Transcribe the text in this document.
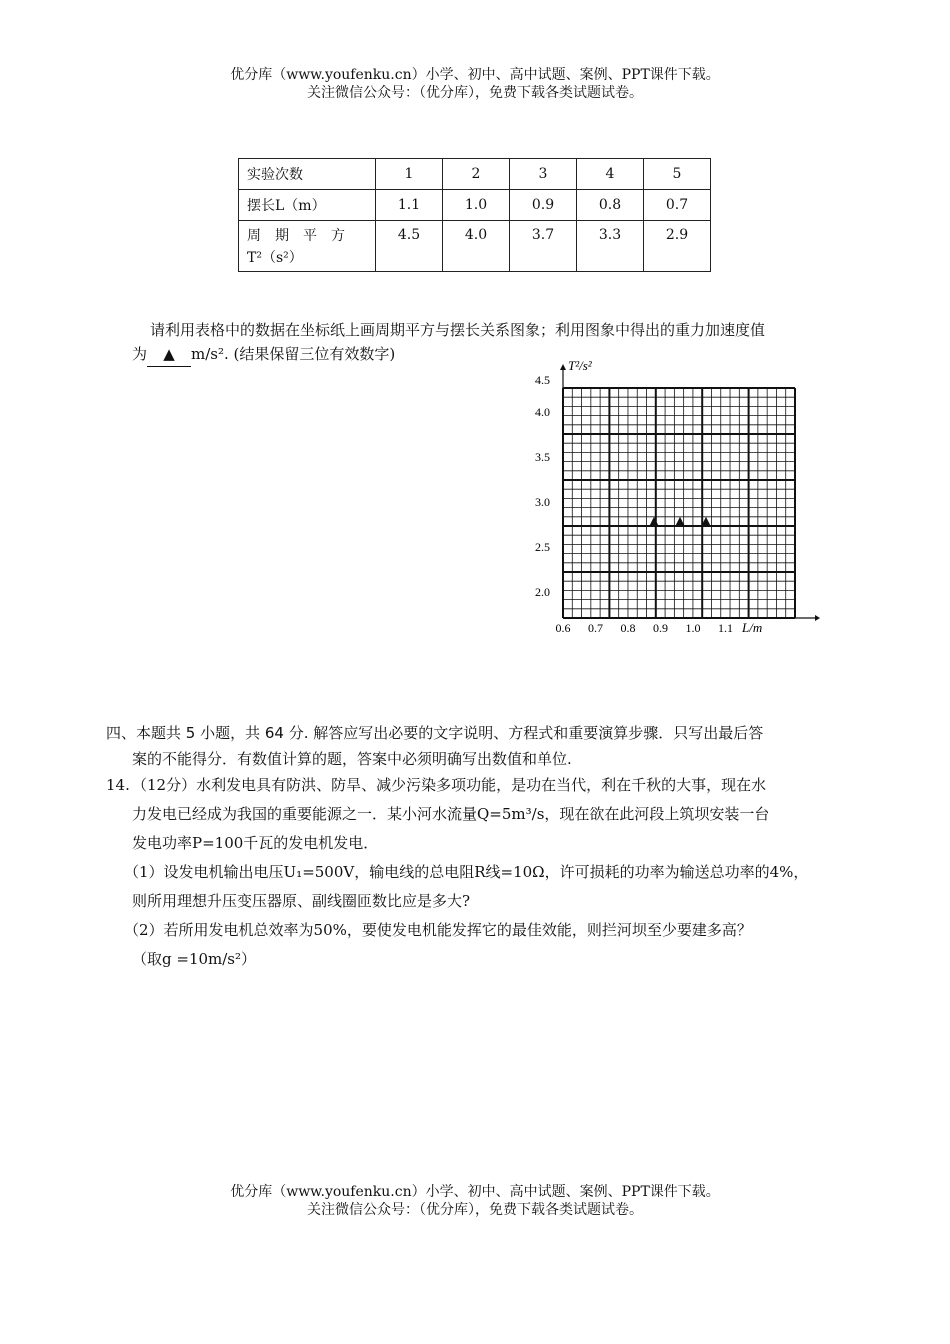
优分库（www.youfenku.cn）小学、初中、高中试题、案例、PPT课件下载。
关注微信公众号：（优分库），免费下载各类试题试卷。
实验次数	1	2	3	4	5
摆长L（m）	1.1	1.0	0.9	0.8	0.7

周　期　平　方
T²（s²）	4.5	4.0	3.7	3.3	2.9
请利用表格中的数据在坐标纸上画周期平方与摆长关系图象；利用图象中得出的重力加速度值
为 ▲ m/s². (结果保留三位有效数字)
0.6 0.7 0.8 0.9 1.0 1.1
2.0
2.5
3.0
3.5
4.0
4.5
T²/s²
L/m
四、本题共 5 小题，共 64 分. 解答应写出必要的文字说明、方程式和重要演算步骤．只写出最后答
案的不能得分．有数值计算的题，答案中必须明确写出数值和单位.
14. （12分）水利发电具有防洪、防旱、减少污染多项功能，是功在当代，利在千秋的大事，现在水
力发电已经成为我国的重要能源之一．某小河水流量Q=5m³/s，现在欲在此河段上筑坝安装一台
发电功率P=100千瓦的发电机发电．
（1）设发电机输出电压U₁=500V，输电线的总电阻R线=10Ω，许可损耗的功率为输送总功率的4%，
则所用理想升压变压器原、副线圈匝数比应是多大?
（2）若所用发电机总效率为50%，要使发电机能发挥它的最佳效能，则拦河坝至少要建多高？
（取g =10m/s²）
优分库（www.youfenku.cn）小学、初中、高中试题、案例、PPT课件下载。
关注微信公众号：（优分库），免费下载各类试题试卷。
